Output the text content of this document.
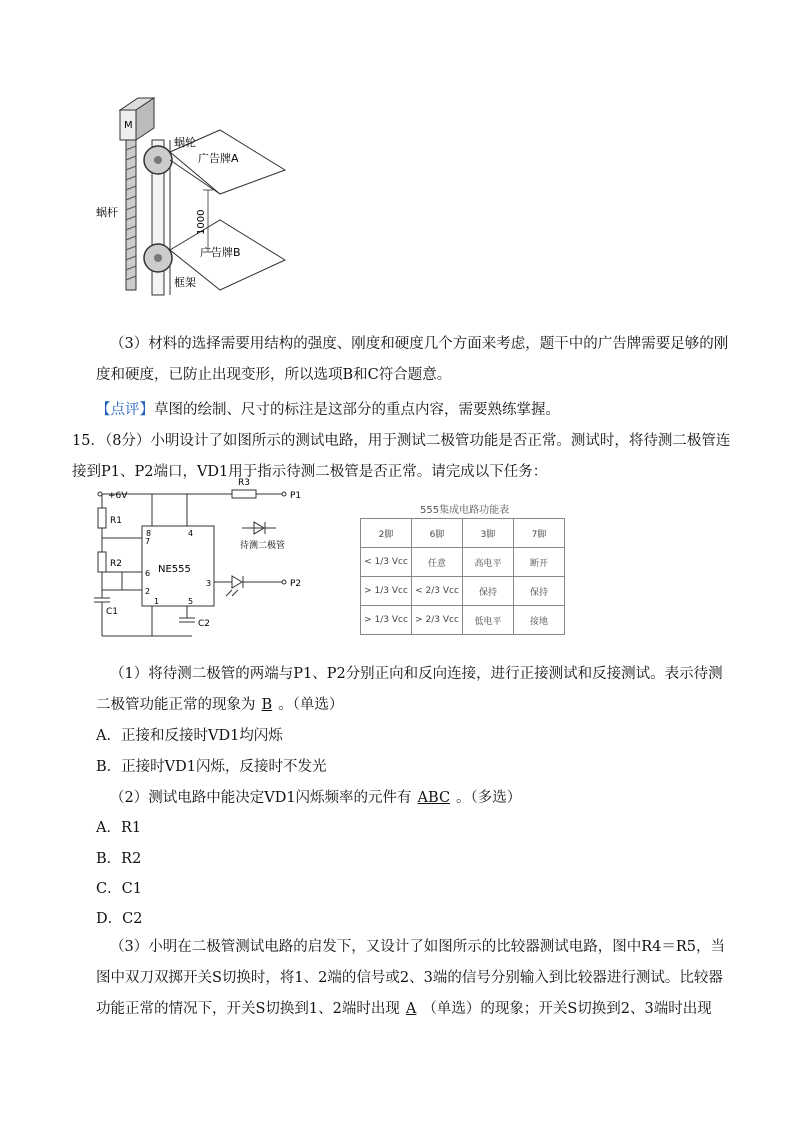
M
1000
蜗轮
广告牌A
广告牌B
蜗杆
框架
（3）材料的选择需要用结构的强度、刚度和硬度几个方面来考虑，题干中的广告牌需要足够的刚度和硬度，已防止出现变形，所以选项B和C符合题意。
【点评】草图的绘制、尺寸的标注是这部分的重点内容，需要熟练掌握。
15．（8分）小明设计了如图所示的测试电路，用于测试二极管功能是否正常。测试时，将待测二极管连接到P1、P2端口，VD1用于指示待测二极管是否正常。请完成以下任务：
+6V
R1
R2
R3
C1
C2
NE555
P1
P2
待测二极管
8	4
7
6
2
1	5
3
555集成电路功能表
2脚	6脚	3脚	7脚
< 1/3 Vcc	任意	高电平	断开
> 1/3 Vcc	< 2/3 Vcc	保持	保持
> 1/3 Vcc	> 2/3 Vcc	低电平	接地
（1）将待测二极管的两端与P1、P2分别正向和反向连接，进行正接测试和反接测试。表示待测二极管功能正常的现象为 B 。（单选）
A．正接和反接时VD1均闪烁
B．正接时VD1闪烁，反接时不发光
（2）测试电路中能决定VD1闪烁频率的元件有 ABC 。（多选）
A．R1
B．R2
C．C1
D．C2
（3）小明在二极管测试电路的启发下，又设计了如图所示的比较器测试电路，图中R4＝R5，当图中双刀双掷开关S切换时，将1、2端的信号或2、3端的信号分别输入到比较器进行测试。比较器功能正常的情况下，开关S切换到1、2端时出现 A （单选）的现象；开关S切换到2、3端时出现
